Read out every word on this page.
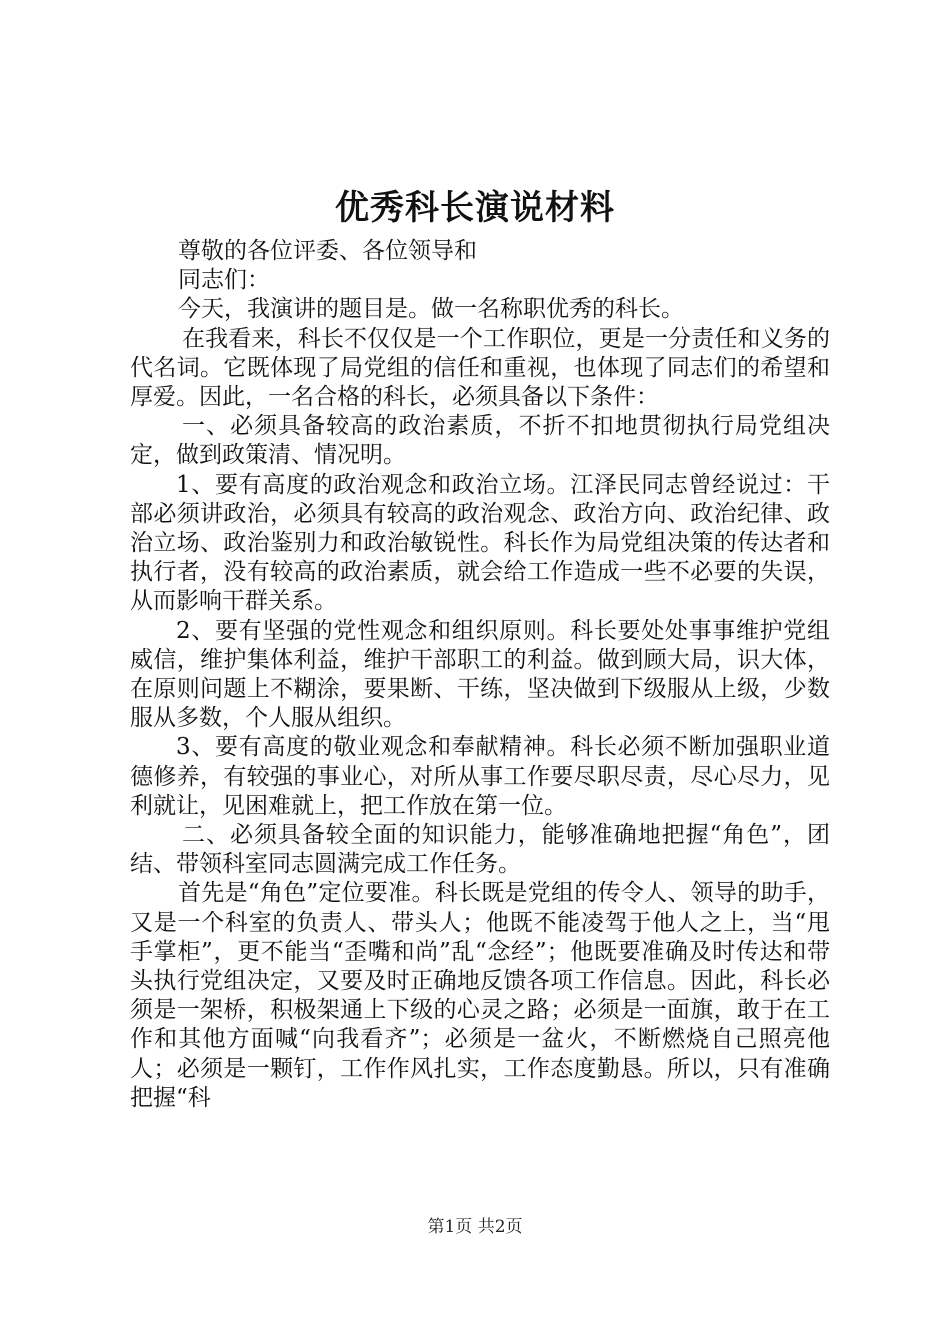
优秀科长演说材料

尊敬的各位评委、各位领导和

同志们：

今天，我演讲的题目是。做一名称职优秀的科长。

在我看来，科长不仅仅是一个工作职位，更是一分责任和义务的代名词。它既体现了局党组的信任和重视，也体现了同志们的希望和厚爱。因此，一名合格的科长，必须具备以下条件：

一、必须具备较高的政治素质，不折不扣地贯彻执行局党组决定，做到政策清、情况明。

1、要有高度的政治观念和政治立场。江泽民同志曾经说过：干部必须讲政治，必须具有较高的政治观念、政治方向、政治纪律、政治立场、政治鉴别力和政治敏锐性。科长作为局党组决策的传达者和执行者，没有较高的政治素质，就会给工作造成一些不必要的失误，从而影响干群关系。

2、要有坚强的党性观念和组织原则。科长要处处事事维护党组威信，维护集体利益，维护干部职工的利益。做到顾大局，识大体，在原则问题上不糊涂，要果断、干练，坚决做到下级服从上级，少数服从多数，个人服从组织。

3、要有高度的敬业观念和奉献精神。科长必须不断加强职业道德修养，有较强的事业心，对所从事工作要尽职尽责，尽心尽力，见利就让，见困难就上，把工作放在第一位。

二、必须具备较全面的知识能力，能够准确地把握“角色”，团结、带领科室同志圆满完成工作任务。

首先是“角色”定位要准。科长既是党组的传令人、领导的助手，又是一个科室的负责人、带头人；他既不能凌驾于他人之上，当“甩手掌柜”，更不能当“歪嘴和尚”乱“念经”；他既要准确及时传达和带头执行党组决定，又要及时正确地反馈各项工作信息。因此，科长必须是一架桥，积极架通上下级的心灵之路；必须是一面旗，敢于在工作和其他方面喊“向我看齐”；必须是一盆火，不断燃烧自己照亮他人；必须是一颗钉，工作作风扎实，工作态度勤恳。所以，只有准确把握“科

第1页 共2页
